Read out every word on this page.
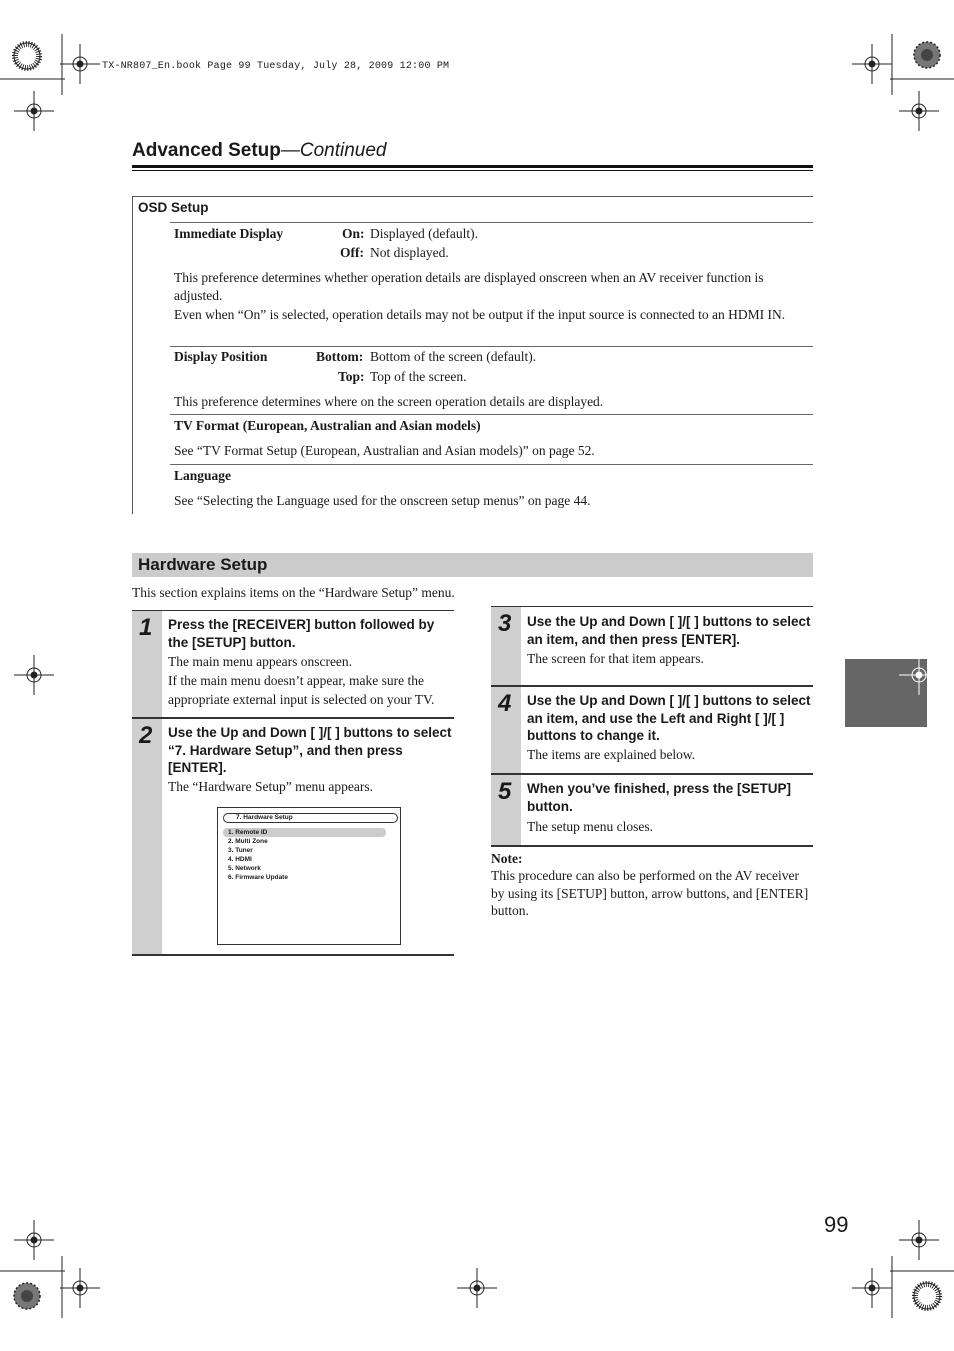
TX-NR807_En.book Page 99 Tuesday, July 28, 2009 12:00 PM
Advanced Setup—Continued
OSD Setup
Immediate Display	On: Displayed (default).
Off: Not displayed.
This preference determines whether operation details are displayed onscreen when an AV receiver function is adjusted.
Even when “On” is selected, operation details may not be output if the input source is connected to an HDMI IN.
Display Position	Bottom: Bottom of the screen (default).
Top: Top of the screen.
This preference determines where on the screen operation details are displayed.
TV Format (European, Australian and Asian models)
See “TV Format Setup (European, Australian and Asian models)” on page 52.
Language
See “Selecting the Language used for the onscreen setup menus” on page 44.
Hardware Setup
This section explains items on the “Hardware Setup” menu.
1 Press the [RECEIVER] button followed by the [SETUP] button.
The main menu appears onscreen.
If the main menu doesn’t appear, make sure the appropriate external input is selected on your TV.
2 Use the Up and Down [ ]/[ ] buttons to select “7. Hardware Setup”, and then press [ENTER].
The “Hardware Setup” menu appears.
7. Hardware Setup
1. Remote ID
2. Multi Zone
3. Tuner
4. HDMI
5. Network
6. Firmware Update
3 Use the Up and Down [ ]/[ ] buttons to select an item, and then press [ENTER].
The screen for that item appears.
4 Use the Up and Down [ ]/[ ] buttons to select an item, and use the Left and Right [ ]/[ ] buttons to change it.
The items are explained below.
5 When you’ve finished, press the [SETUP] button.
The setup menu closes.
Note:
This procedure can also be performed on the AV receiver by using its [SETUP] button, arrow buttons, and [ENTER] button.
99
